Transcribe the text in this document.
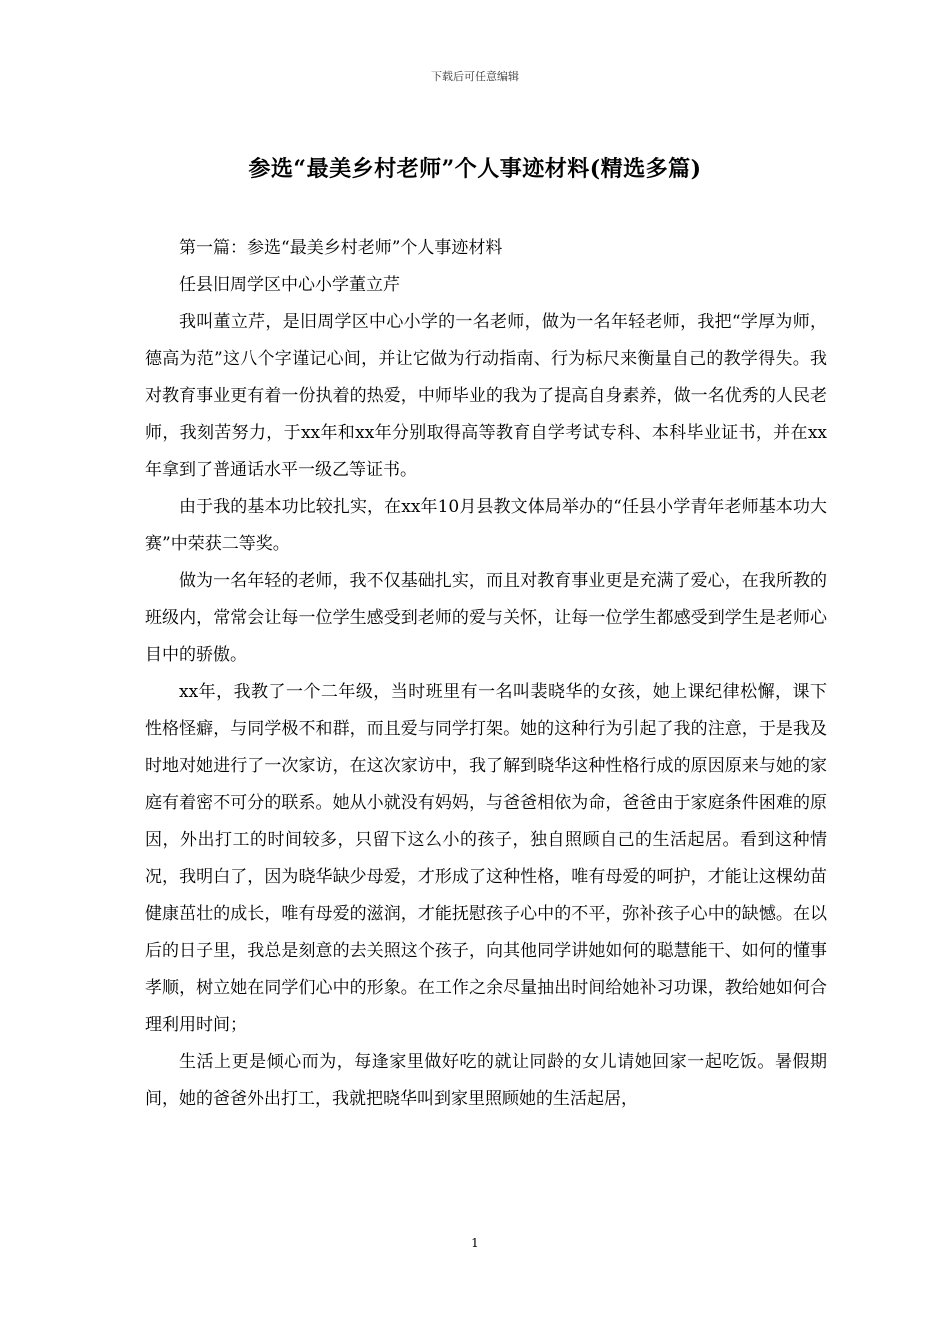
下载后可任意编辑
参选“最美乡村老师”个人事迹材料(精选多篇)

第一篇：参选“最美乡村老师”个人事迹材料

任县旧周学区中心小学董立芹

我叫董立芹，是旧周学区中心小学的一名老师，做为一名年轻老师，我把“学厚为师，德高为范”这八个字谨记心间，并让它做为行动指南、行为标尺来衡量自己的教学得失。我对教育事业更有着一份执着的热爱，中师毕业的我为了提高自身素养，做一名优秀的人民老师，我刻苦努力，于xx年和xx年分别取得高等教育自学考试专科、本科毕业证书，并在xx年拿到了普通话水平一级乙等证书。

由于我的基本功比较扎实，在xx年10月县教文体局举办的“任县小学青年老师基本功大赛”中荣获二等奖。

做为一名年轻的老师，我不仅基础扎实，而且对教育事业更是充满了爱心，在我所教的班级内，常常会让每一位学生感受到老师的爱与关怀，让每一位学生都感受到学生是老师心目中的骄傲。

xx年，我教了一个二年级，当时班里有一名叫裴晓华的女孩，她上课纪律松懈，课下性格怪癖，与同学极不和群，而且爱与同学打架。她的这种行为引起了我的注意，于是我及时地对她进行了一次家访，在这次家访中，我了解到晓华这种性格行成的原因原来与她的家庭有着密不可分的联系。她从小就没有妈妈，与爸爸相依为命，爸爸由于家庭条件困难的原因，外出打工的时间较多，只留下这么小的孩子，独自照顾自己的生活起居。看到这种情况，我明白了，因为晓华缺少母爱，才形成了这种性格，唯有母爱的呵护，才能让这棵幼苗健康茁壮的成长，唯有母爱的滋润，才能抚慰孩子心中的不平，弥补孩子心中的缺憾。在以后的日子里，我总是刻意的去关照这个孩子，向其他同学讲她如何的聪慧能干、如何的懂事孝顺，树立她在同学们心中的形象。在工作之余尽量抽出时间给她补习功课，教给她如何合理利用时间；

生活上更是倾心而为，每逢家里做好吃的就让同龄的女儿请她回家一起吃饭。暑假期间，她的爸爸外出打工，我就把晓华叫到家里照顾她的生活起居，

1
